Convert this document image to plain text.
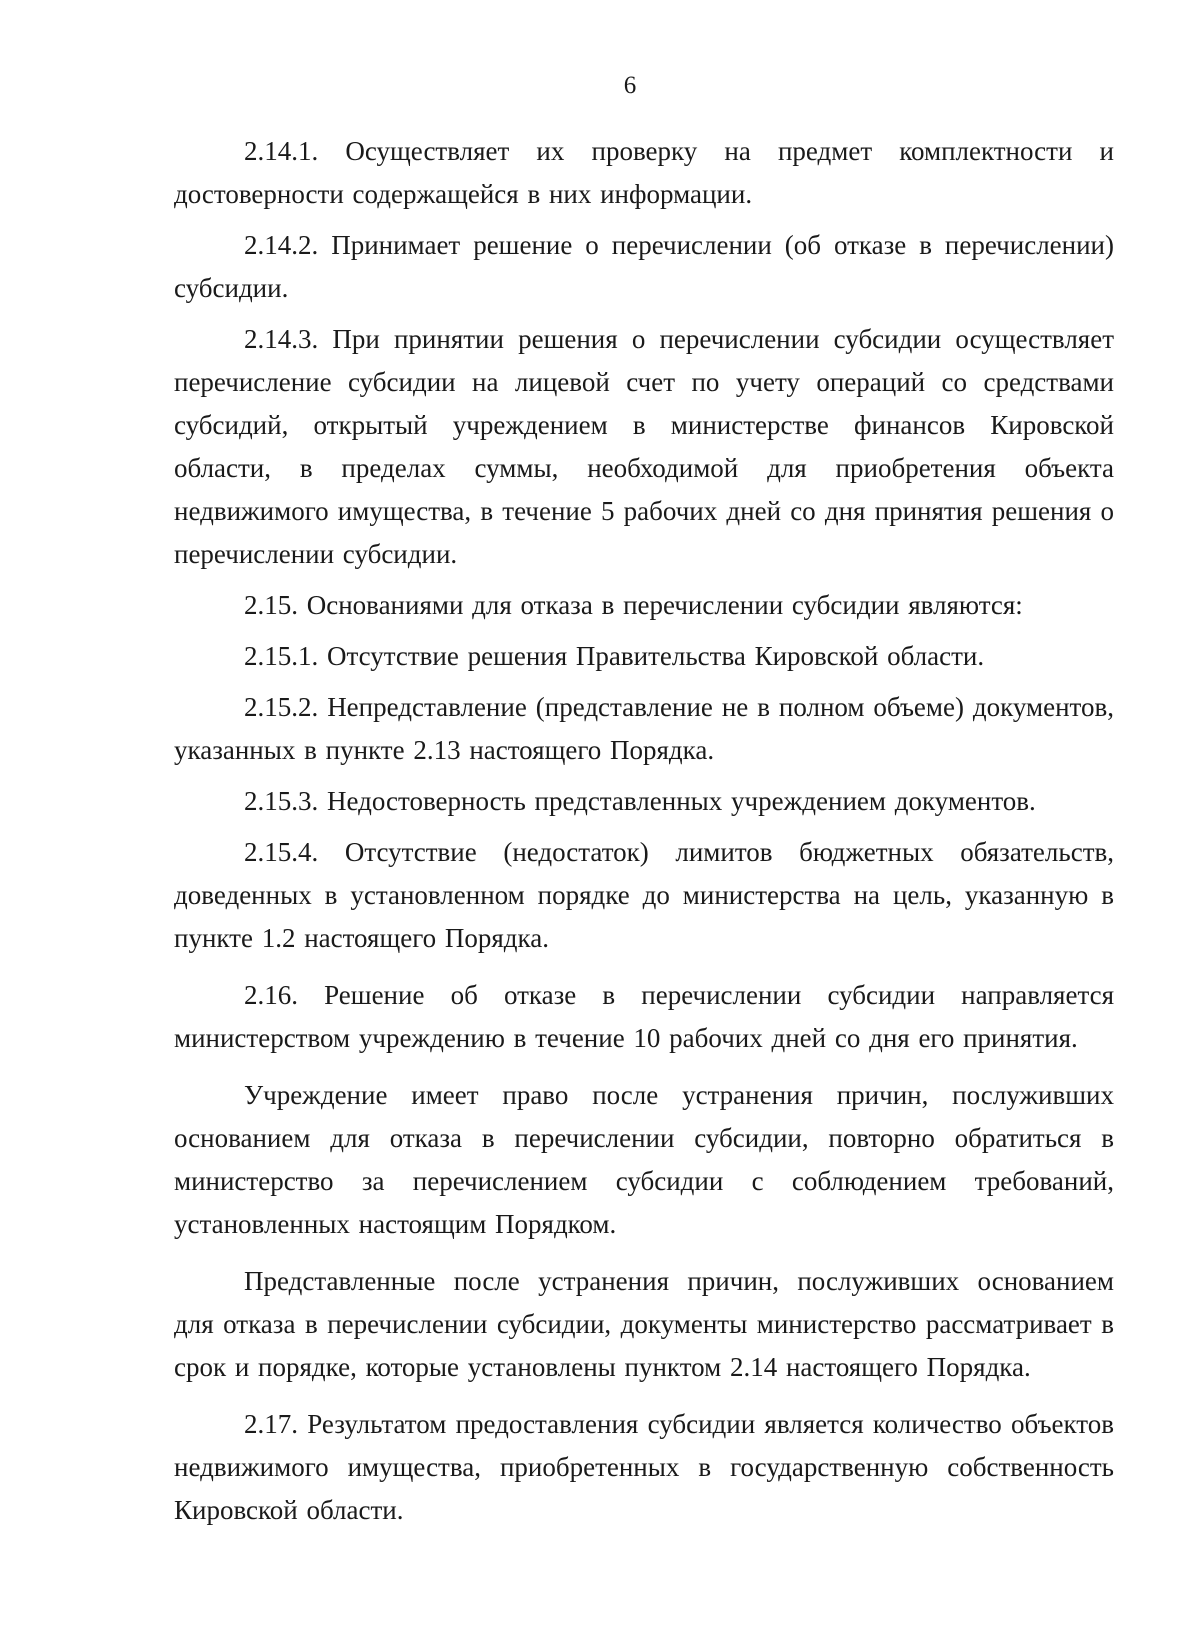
6

2.14.1. Осуществляет их проверку на предмет комплектности и достоверности содержащейся в них информации.

2.14.2. Принимает решение о перечислении (об отказе в перечислении) субсидии.

2.14.3. При принятии решения о перечислении субсидии осуществляет перечисление субсидии на лицевой счет по учету операций со средствами субсидий, открытый учреждением в министерстве финансов Кировской области, в пределах суммы, необходимой для приобретения объекта недвижимого имущества, в течение 5 рабочих дней со дня принятия решения о перечислении субсидии.

2.15. Основаниями для отказа в перечислении субсидии являются:

2.15.1. Отсутствие решения Правительства Кировской области.

2.15.2. Непредставление (представление не в полном объеме) документов, указанных в пункте 2.13 настоящего Порядка.

2.15.3. Недостоверность представленных учреждением документов.

2.15.4. Отсутствие (недостаток) лимитов бюджетных обязательств, доведенных в установленном порядке до министерства на цель, указанную в пункте 1.2 настоящего Порядка.

2.16. Решение об отказе в перечислении субсидии направляется министерством учреждению в течение 10 рабочих дней со дня его принятия.

Учреждение имеет право после устранения причин, послуживших основанием для отказа в перечислении субсидии, повторно обратиться в министерство за перечислением субсидии с соблюдением требований, установленных настоящим Порядком.

Представленные после устранения причин, послуживших основанием для отказа в перечислении субсидии, документы министерство рассматривает в срок и порядке, которые установлены пунктом 2.14 настоящего Порядка.

2.17. Результатом предоставления субсидии является количество объектов недвижимого имущества, приобретенных в государственную собственность Кировской области.
